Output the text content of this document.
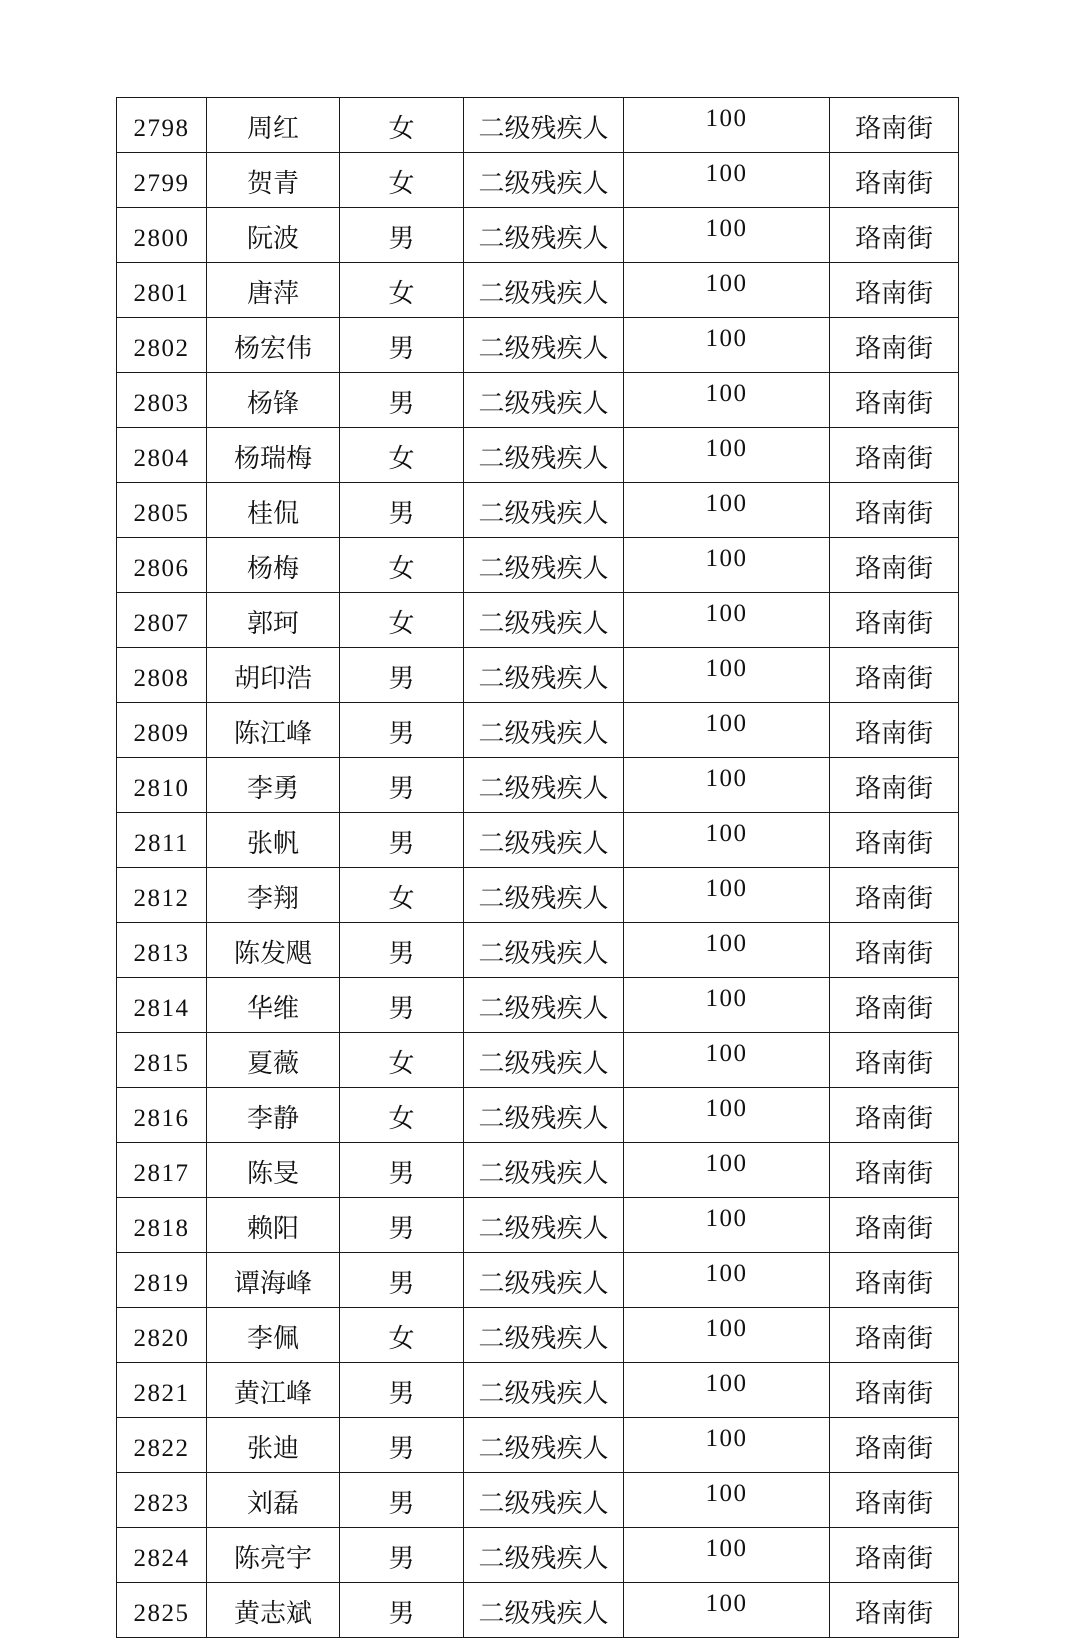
2798	周红	女	二级残疾人	100	珞南街
2799	贺青	女	二级残疾人	100	珞南街
2800	阮波	男	二级残疾人	100	珞南街
2801	唐萍	女	二级残疾人	100	珞南街
2802	杨宏伟	男	二级残疾人	100	珞南街
2803	杨锋	男	二级残疾人	100	珞南街
2804	杨瑞梅	女	二级残疾人	100	珞南街
2805	桂侃	男	二级残疾人	100	珞南街
2806	杨梅	女	二级残疾人	100	珞南街
2807	郭珂	女	二级残疾人	100	珞南街
2808	胡印浩	男	二级残疾人	100	珞南街
2809	陈江峰	男	二级残疾人	100	珞南街
2810	李勇	男	二级残疾人	100	珞南街
2811	张帆	男	二级残疾人	100	珞南街
2812	李翔	女	二级残疾人	100	珞南街
2813	陈发飓	男	二级残疾人	100	珞南街
2814	华维	男	二级残疾人	100	珞南街
2815	夏薇	女	二级残疾人	100	珞南街
2816	李静	女	二级残疾人	100	珞南街
2817	陈旻	男	二级残疾人	100	珞南街
2818	赖阳	男	二级残疾人	100	珞南街
2819	谭海峰	男	二级残疾人	100	珞南街
2820	李佩	女	二级残疾人	100	珞南街
2821	黄江峰	男	二级残疾人	100	珞南街
2822	张迪	男	二级残疾人	100	珞南街
2823	刘磊	男	二级残疾人	100	珞南街
2824	陈亮宇	男	二级残疾人	100	珞南街
2825	黄志斌	男	二级残疾人	100	珞南街
